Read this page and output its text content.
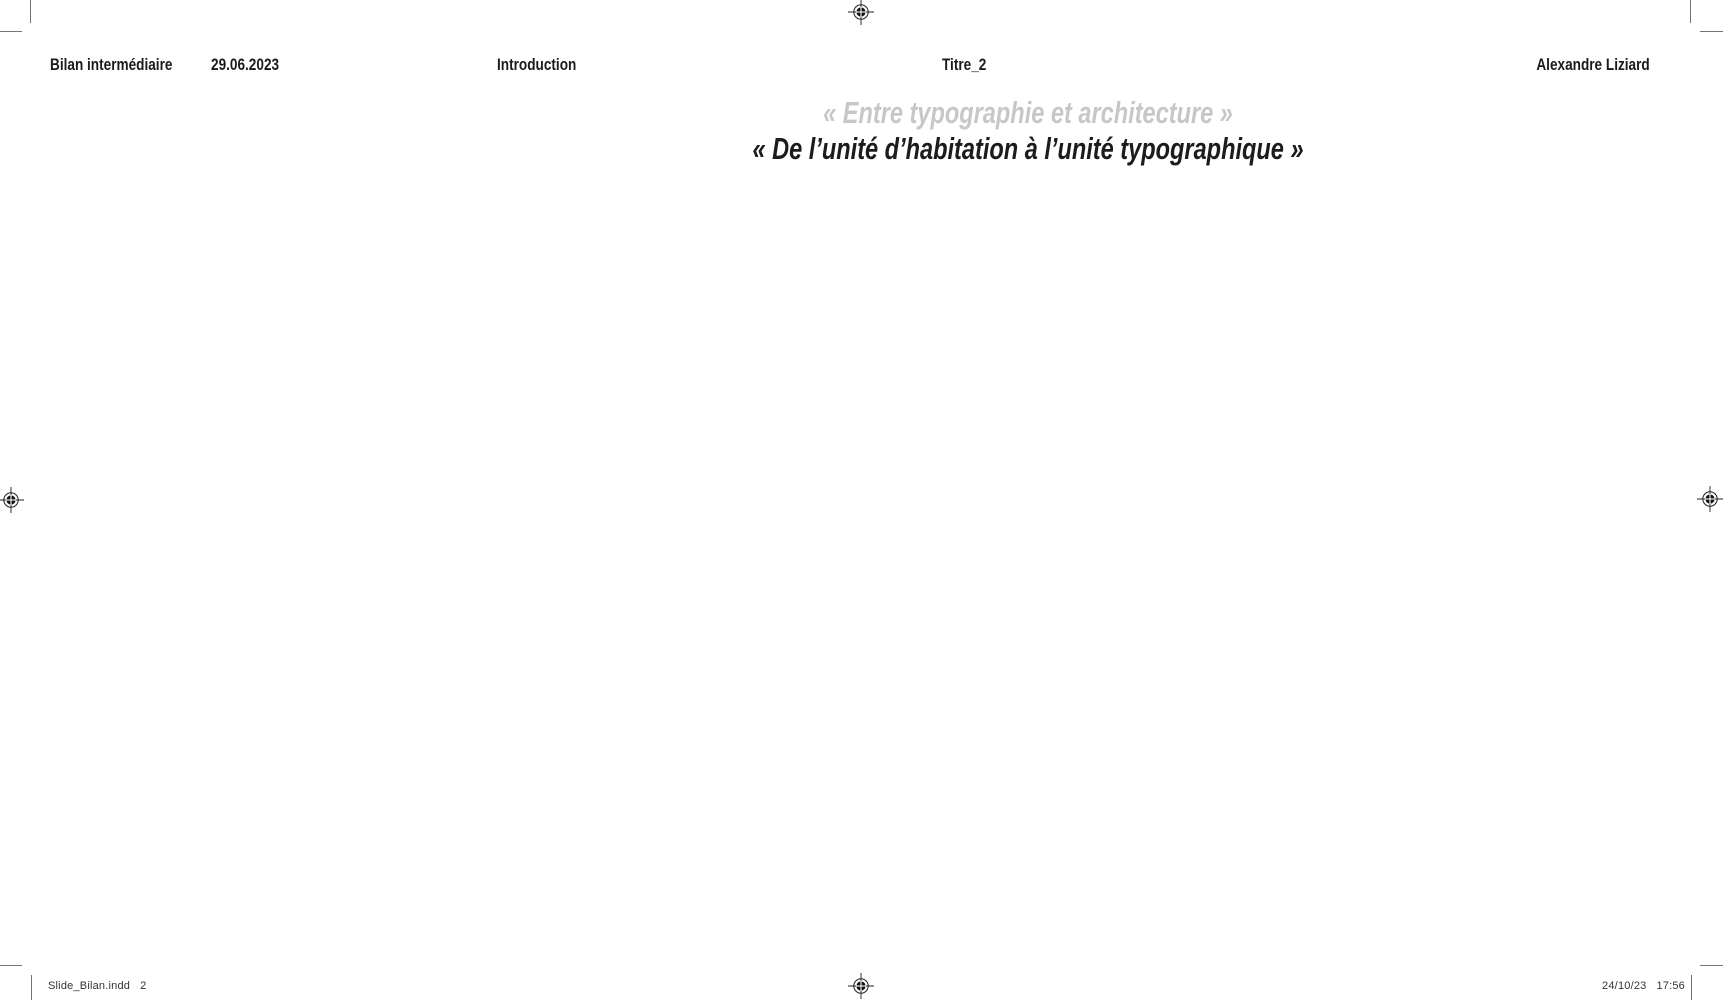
Bilan intermédiaire 29.06.2023	Introduction	Titre_2	Alexandre Liziard
« Entre typographie et architecture »
« De l’unité d’habitation à l’unité typographique »
Slide_Bilan.indd 2	24/10/23 17:56
